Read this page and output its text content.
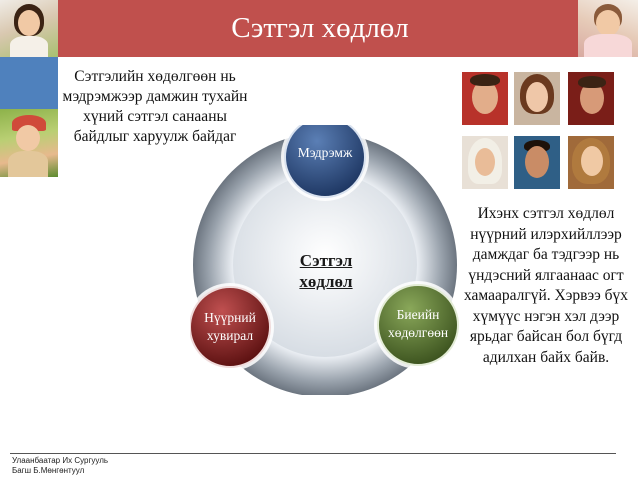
Сэтгэл хөдлөл
Сэтгэлийн хөдөлгөөн нь мэдрэмжээр дамжин тухайн хүний сэтгэл санааны байдлыг харуулж байдаг
Мэдрэмж
Нүүрний
хувирал
Биеийн
хөдөлгөөн
Сэтгэл
хөдлөл
Ихэнх сэтгэл хөдлөл нүүрний илэрхийллээр дамждаг ба тэдгээр нь үндэсний ялгаанаас огт хамааралгүй. Хэрвээ бүх хүмүүс нэгэн хэл дээр ярьдаг байсан бол бүгд адилхан байх байв.
Улаанбаатар Их Сургууль
Багш Б.Мөнгөнтуул
